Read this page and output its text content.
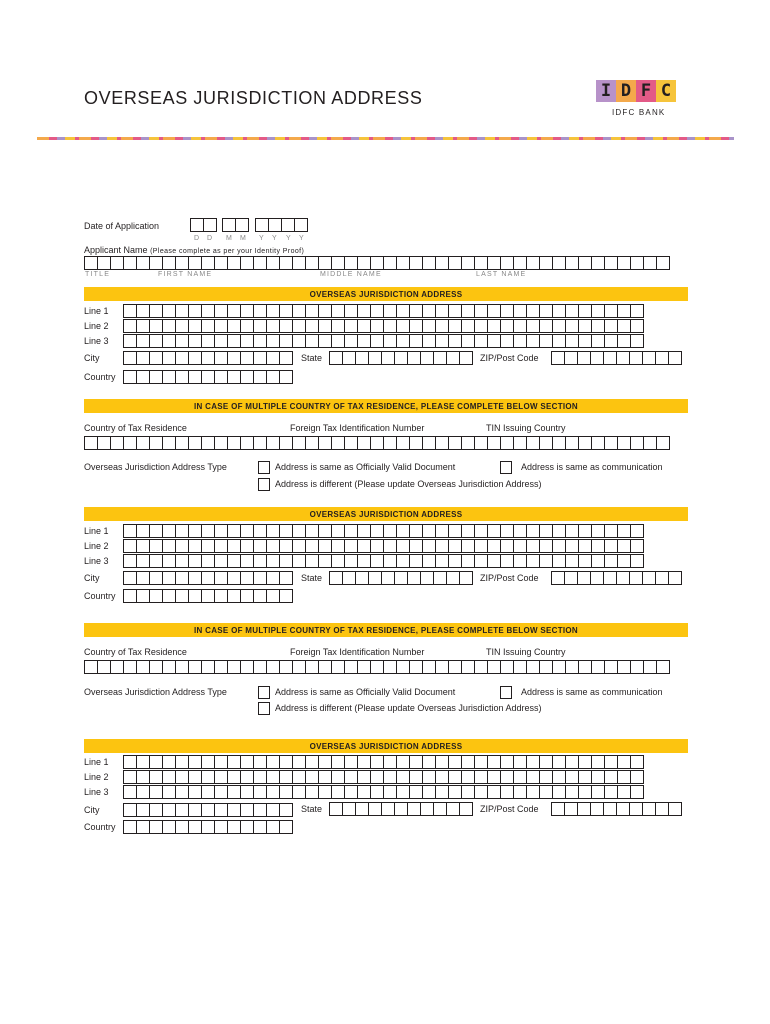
OVERSEAS JURISDICTION ADDRESS	I D F C
IDFC BANK
Date of Application
D D M M Y Y Y Y
Applicant Name (Please complete as per your Identity Proof)
TITLE	FIRST NAME	MIDDLE NAME	LAST NAME
OVERSEAS JURISDICTION ADDRESS
Line 1
Line 2
Line 3
City	State	ZIP/Post Code
Country
IN CASE OF MULTIPLE COUNTRY OF TAX RESIDENCE, PLEASE COMPLETE BELOW SECTION
Country of Tax Residence	Foreign Tax Identification Number	TIN Issuing Country
Overseas Jurisdiction Address Type	Address is same as Officially Valid Document	Address is same as communication
Address is different (Please update Overseas Jurisdiction Address)
OVERSEAS JURISDICTION ADDRESS
Line 1
Line 2
Line 3
City	State	ZIP/Post Code
Country
IN CASE OF MULTIPLE COUNTRY OF TAX RESIDENCE, PLEASE COMPLETE BELOW SECTION
Country of Tax Residence	Foreign Tax Identification Number	TIN Issuing Country
Overseas Jurisdiction Address Type	Address is same as Officially Valid Document	Address is same as communication
Address is different (Please update Overseas Jurisdiction Address)
OVERSEAS JURISDICTION ADDRESS
Line 1
Line 2
Line 3
City	State	ZIP/Post Code
Country
